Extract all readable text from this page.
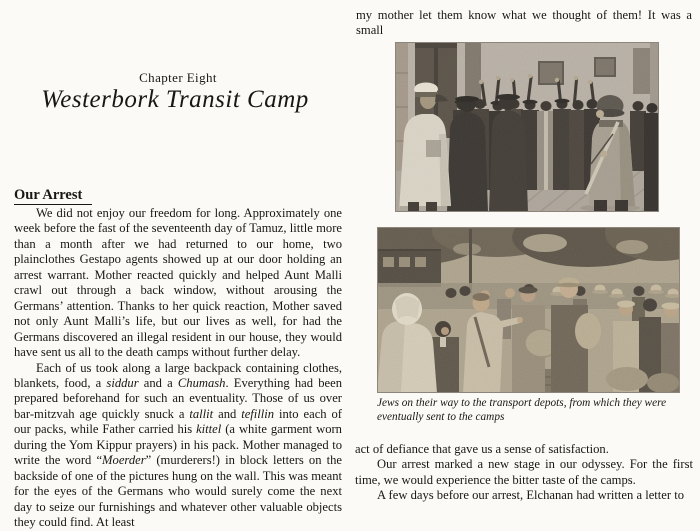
Chapter Eight
Westerbork Transit Camp
Our Arrest

We did not enjoy our freedom for long. Approximately one week before the fast of the seventeenth day of Tamuz, little more than a month after we had returned to our home, two plainclothes Gestapo agents showed up at our door holding an arrest warrant. Mother reacted quickly and helped Aunt Malli crawl out through a back window, without arousing the Germans’ attention. Thanks to her quick reaction, Mother saved not only Aunt Malli’s life, but our lives as well, for had the Germans discovered an illegal resident in our house, they would have sent us all to the death camps without further delay.

Each of us took along a large backpack containing clothes, blankets, food, a siddur and a Chumash. Everything had been prepared beforehand for such an eventuality. Those of us over bar-mitzvah age quickly snuck a tallit and tefillin into each of our packs, while Father carried his kittel (a white garment worn during the Yom Kippur prayers) in his pack. Mother managed to write the word “Moerder” (murderers!) in block letters on the backside of one of the pictures hung on the wall. This was meant for the eyes of the Germans who would surely come the next day to seize our furnishings and whatever other valuable objects they could find. At least

my mother let them know what we thought of them! It was a small
Jews on their way to the transport depots, from which they were eventually sent to the camps

act of defiance that gave us a sense of satisfaction.

Our arrest marked a new stage in our odyssey. For the first time, we would experience the bitter taste of the camps.

A few days before our arrest, Elchanan had written a letter to
